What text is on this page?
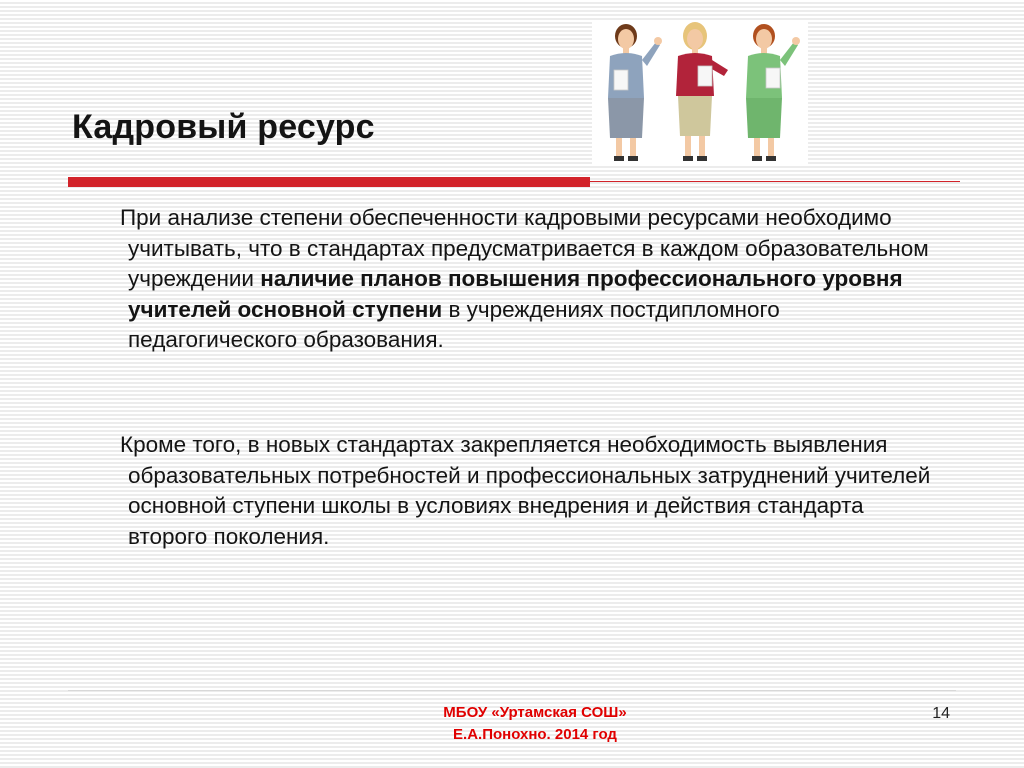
Кадровый ресурс

При анализе степени обеспеченности кадровыми ресурсами необходимо учитывать, что в стандартах предусматривается в каждом образовательном учреждении наличие планов повышения профессионального уровня учителей основной ступени в учреждениях постдипломного педагогического образования.

Кроме того, в новых стандартах закрепляется необходимость выявления образовательных потребностей и профессиональных затруднений учителей основной ступени школы в условиях внедрения и действия стандарта второго поколения.

МБОУ «Уртамская СОШ»
Е.А.Понохно. 2014 год
14
